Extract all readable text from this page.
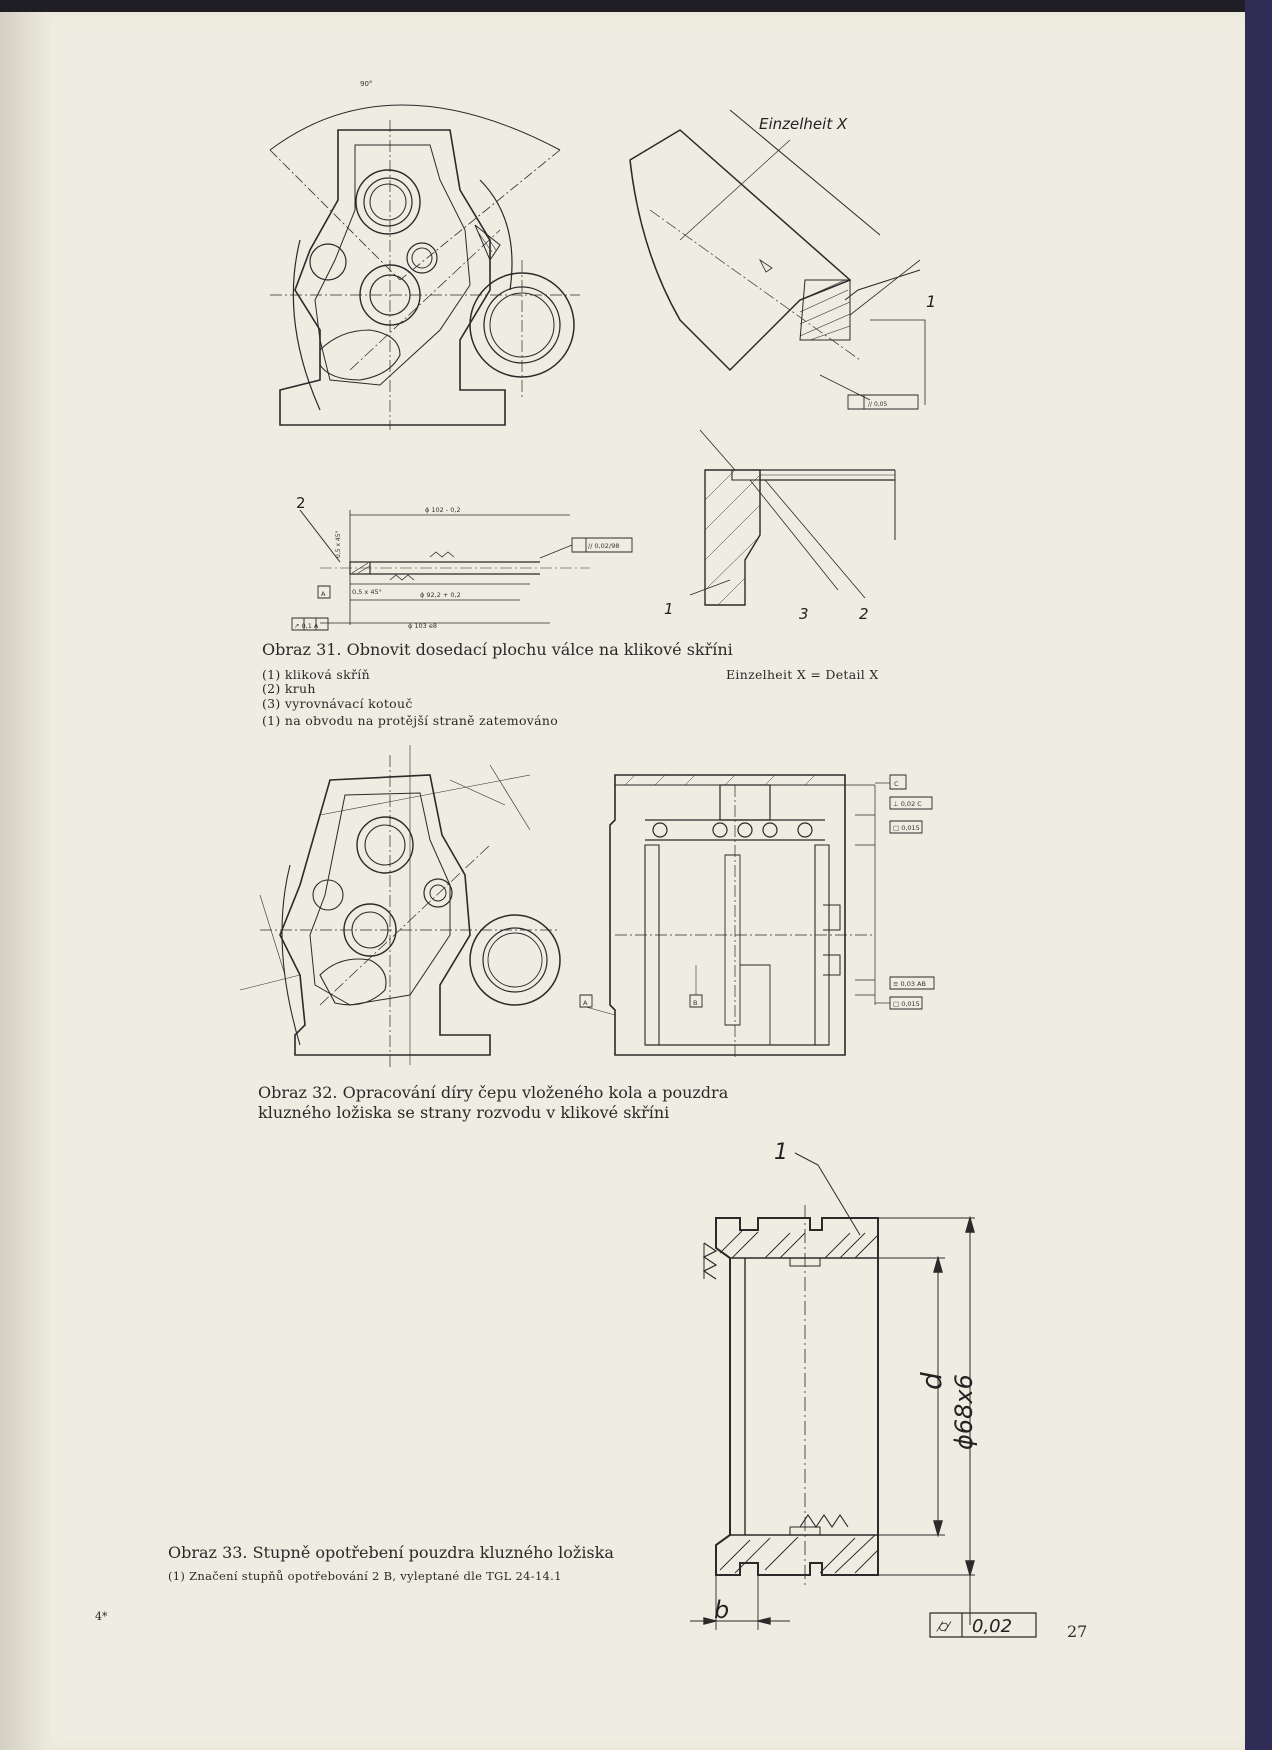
90°
Einzelheit X
// 0,05
1
2	ϕ 102 - 0,2
ϕ 92,2 + 0,2
ϕ 103 e8
0,5 x 45°
// 0,02/98
↗ 0,1 A
A
0,5 x 45°
1	3	2
Obraz 31. Obnovit dosedací plochu válce na klikové skříni
(1) kliková skříň
(2) kruh
(3) vyrovnávací kotouč
(1) na obvodu na protější straně zatemováno
Einzelheit X = Detail X
C
⊥ 0,02 C
□ 0,015
≡ 0,03 AB
□ 0,015
A	B
Obraz 32. Opracování díry čepu vloženého kola a pouzdra
kluzného ložiska se strany rozvodu v klikové skříni
1
d ϕ68x6
b
⌭ 0,02
Obraz 33. Stupně opotřebení pouzdra kluzného ložiska
(1) Značení stupňů opotřebování 2 B, vyleptané dle TGL 24-14.1
4*
27
